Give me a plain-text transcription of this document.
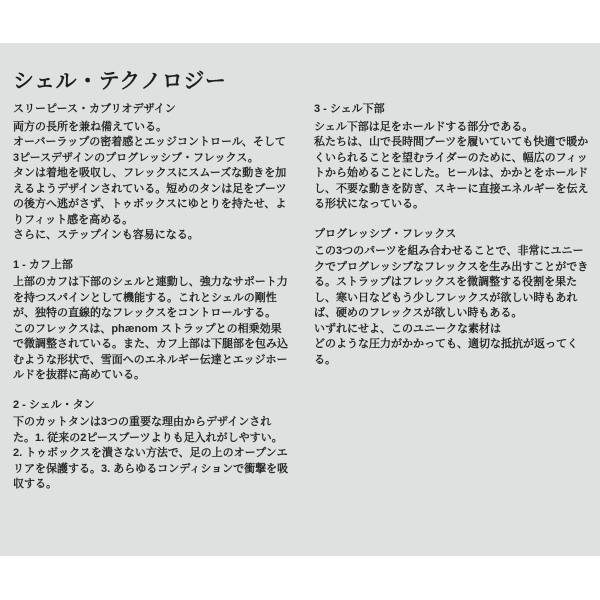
シェル・テクノロジー
スリーピース・カブリオデザイン

両方の長所を兼ね備えている。

オーバーラップの密着感とエッジコントロール、そして3ピースデザインのプログレッシブ・フレックス。

タンは着地を吸収し、フレックスにスムーズな動きを加えるようデザインされている。短めのタンは足をブーツの後方へ逃がさず、トゥボックスにゆとりを持たせ、よりフィット感を高める。

さらに、ステップインも容易になる。

1 - カフ上部

上部のカフは下部のシェルと連動し、強力なサポート力を持つスパインとして機能する。これとシェルの剛性が、独特の直線的なフレックスをコントロールする。

このフレックスは、phænom ストラップとの相乗効果で微調整されている。また、カフ上部は下腿部を包み込むような形状で、雪面へのエネルギー伝達とエッジホールドを抜群に高めている。

2 - シェル・タン

下のカットタンは3つの重要な理由からデザインされた。1. 従来の2ピースブーツよりも足入れがしやすい。2. トゥボックスを潰さない方法で、足の上のオープンエリアを保護する。3. あらゆるコンディションで衝撃を吸収する。

3 - シェル下部

シェル下部は足をホールドする部分である。

私たちは、山で長時間ブーツを履いていても快適で暖かくいられることを望むライダーのために、幅広のフィットから始めることにした。ヒールは、かかとをホールドし、不要な動きを防ぎ、スキーに直接エネルギーを伝える形状になっている。

プログレッシブ・フレックス

この3つのパーツを組み合わせることで、非常にユニークでプログレッシブなフレックスを生み出すことができる。ストラップはフレックスを微調整する役割を果たし、寒い日などもう少しフレックスが欲しい時もあれば、硬めのフレックスが欲しい時もある。

いずれにせよ、このユニークな素材は

どのような圧力がかかっても、適切な抵抗が返ってくる。
